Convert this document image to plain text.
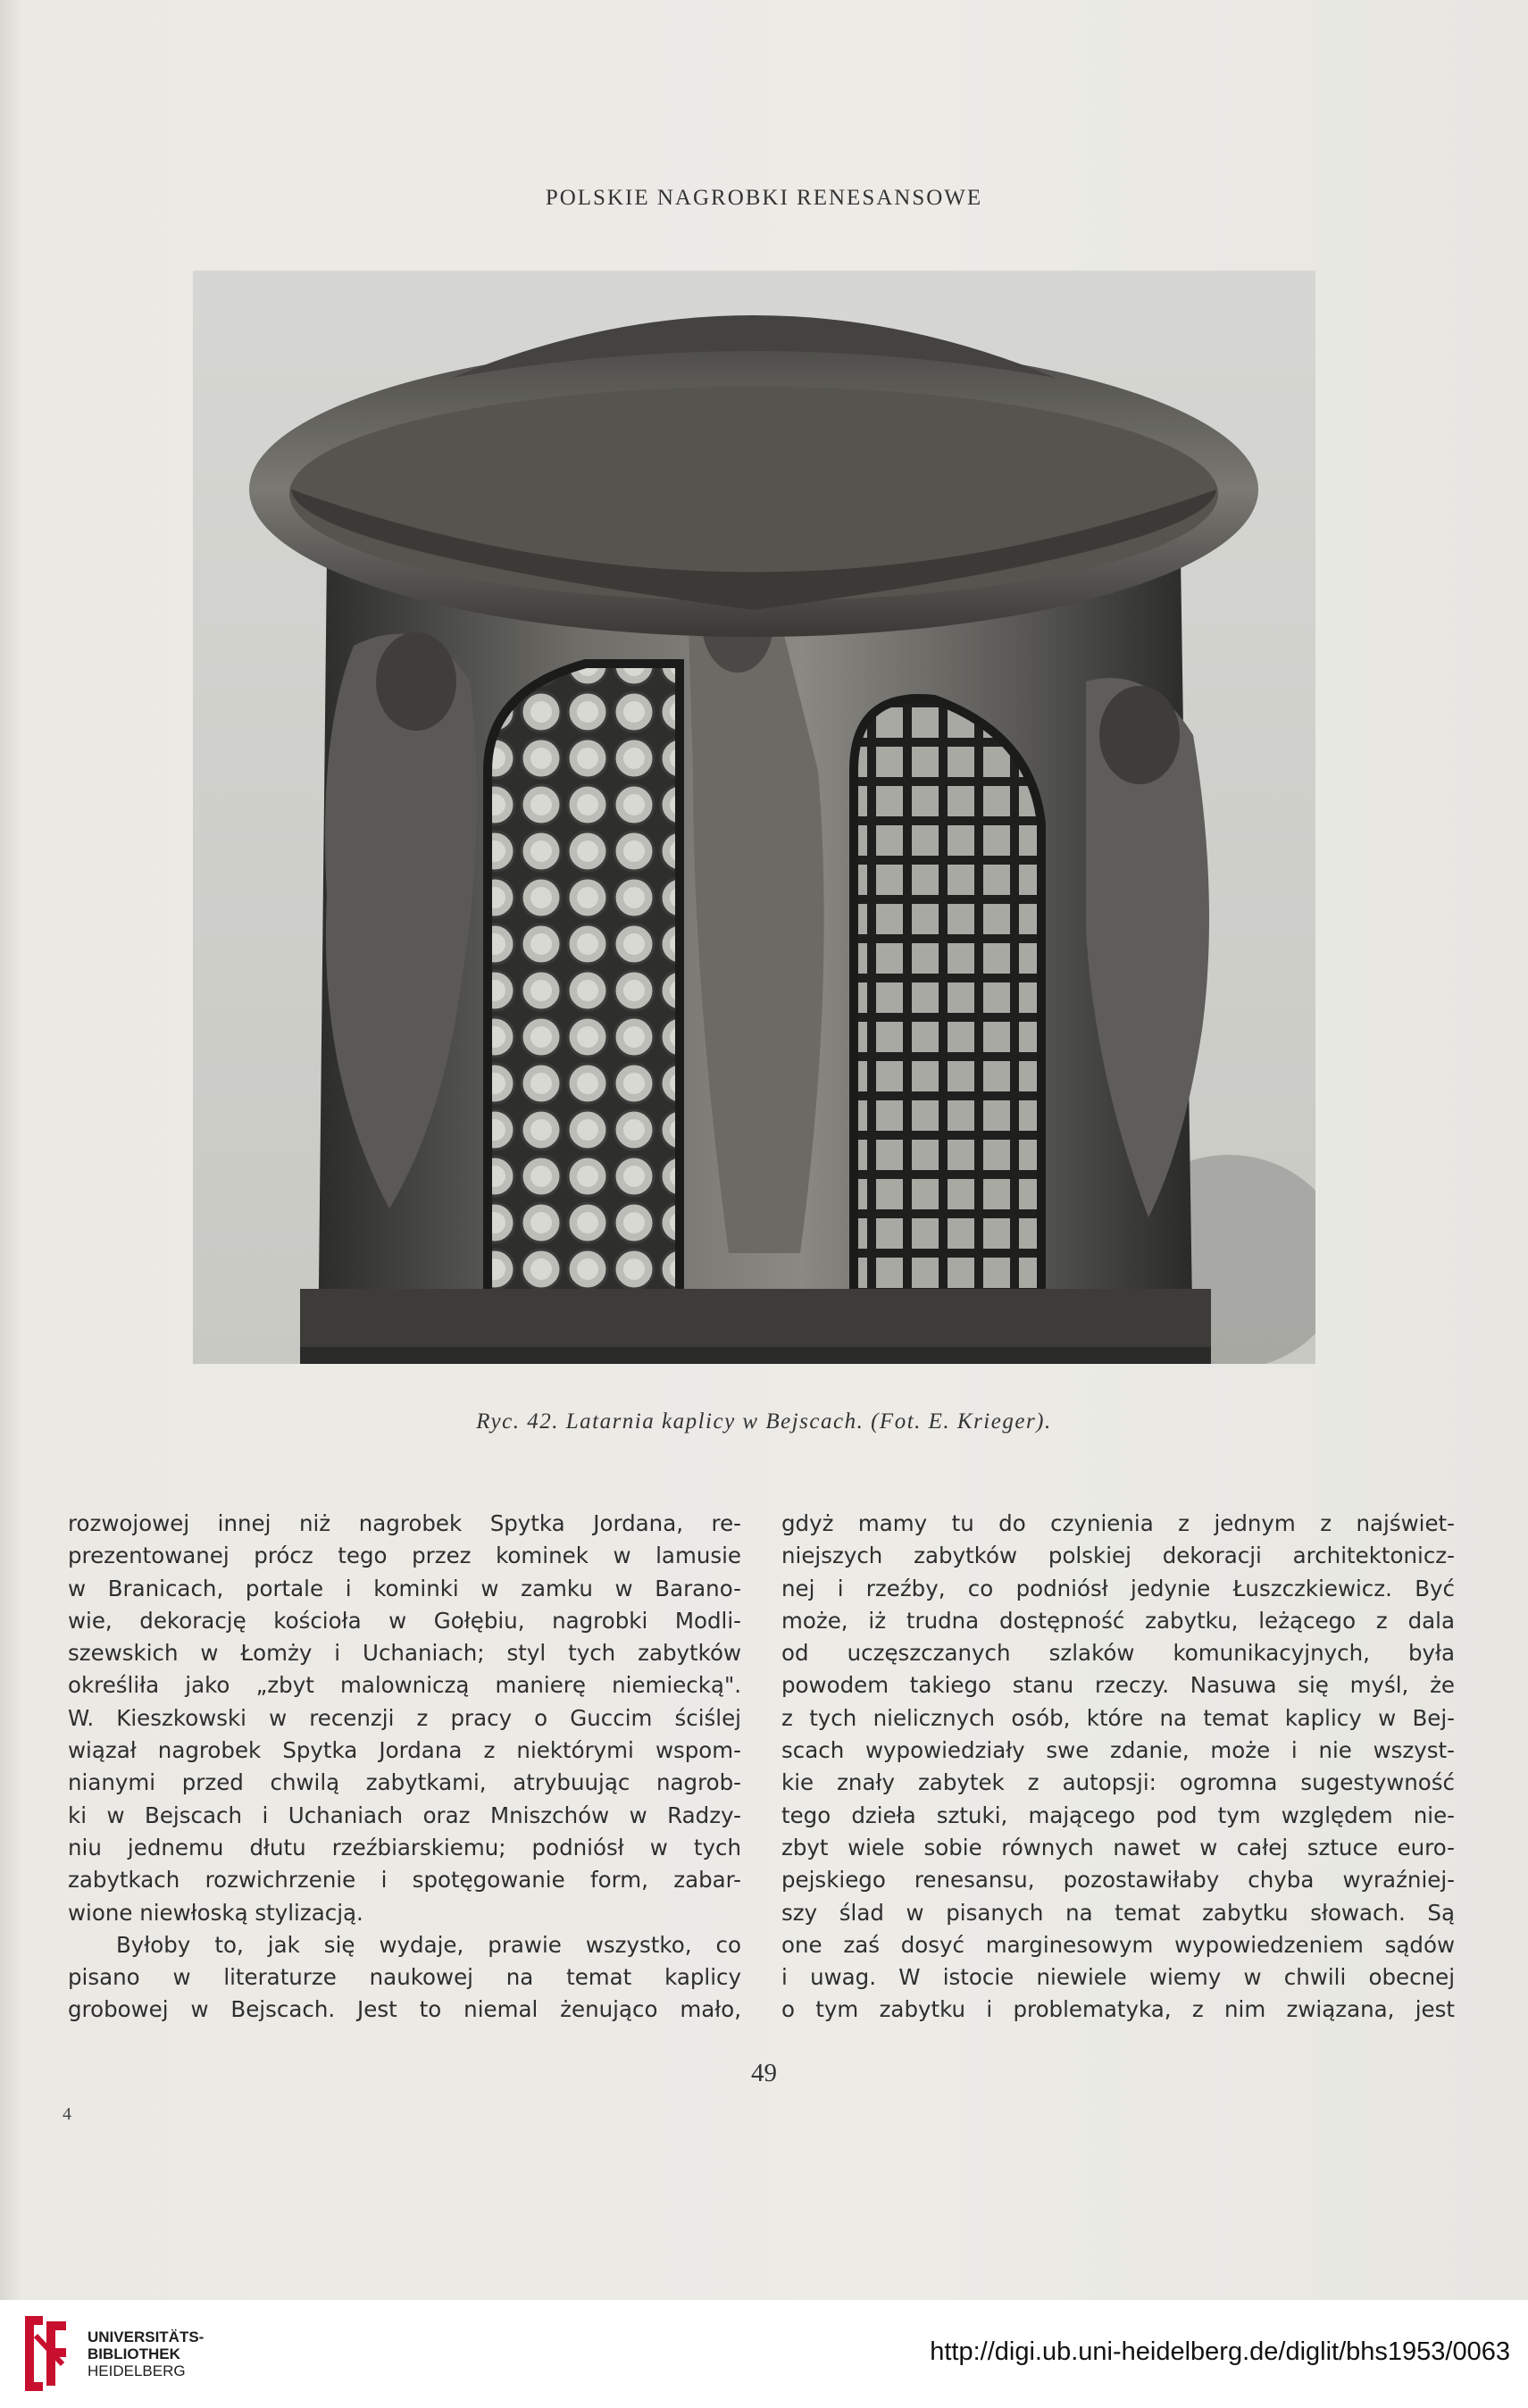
POLSKIE NAGROBKI RENESANSOWE
Ryc. 42. Latarnia kaplicy w Bejscach. (Fot. E. Krieger).
rozwojowej innej niż nagrobek Spytka Jordana, re-
prezentowanej prócz tego przez kominek w lamusie
w Branicach, portale i kominki w zamku w Barano-
wie, dekorację kościoła w Gołębiu, nagrobki Modli-
szewskich w Łomży i Uchaniach; styl tych zabytków
określiła jako „zbyt malowniczą manierę niemiecką".
W. Kieszkowski w recenzji z pracy o Guccim ściślej
wiązał nagrobek Spytka Jordana z niektórymi wspom-
nianymi przed chwilą zabytkami, atrybuując nagrob-
ki w Bejscach i Uchaniach oraz Mniszchów w Radzy-
niu jednemu dłutu rzeźbiarskiemu; podniósł w tych
zabytkach rozwichrzenie i spotęgowanie form, zabar-
wione niewłoską stylizacją.
Byłoby to, jak się wydaje, prawie wszystko, co
pisano w literaturze naukowej na temat kaplicy
grobowej w Bejscach. Jest to niemal żenująco mało,
gdyż mamy tu do czynienia z jednym z najświet-
niejszych zabytków polskiej dekoracji architektonicz-
nej i rzeźby, co podniósł jedynie Łuszczkiewicz. Być
może, iż trudna dostępność zabytku, leżącego z dala
od uczęszczanych szlaków komunikacyjnych, była
powodem takiego stanu rzeczy. Nasuwa się myśl, że
z tych nielicznych osób, które na temat kaplicy w Bej-
scach wypowiedziały swe zdanie, może i nie wszyst-
kie znały zabytek z autopsji: ogromna sugestywność
tego dzieła sztuki, mającego pod tym względem nie-
zbyt wiele sobie równych nawet w całej sztuce euro-
pejskiego renesansu, pozostawiłaby chyba wyraźniej-
szy ślad w pisanych na temat zabytku słowach. Są
one zaś dosyć marginesowym wypowiedzeniem sądów
i uwag. W istocie niewiele wiemy w chwili obecnej
o tym zabytku i problematyka, z nim związana, jest
49
4
UNIVERSITÄTS-
BIBLIOTHEK
HEIDELBERG
http://digi.ub.uni-heidelberg.de/diglit/bhs1953/0063
